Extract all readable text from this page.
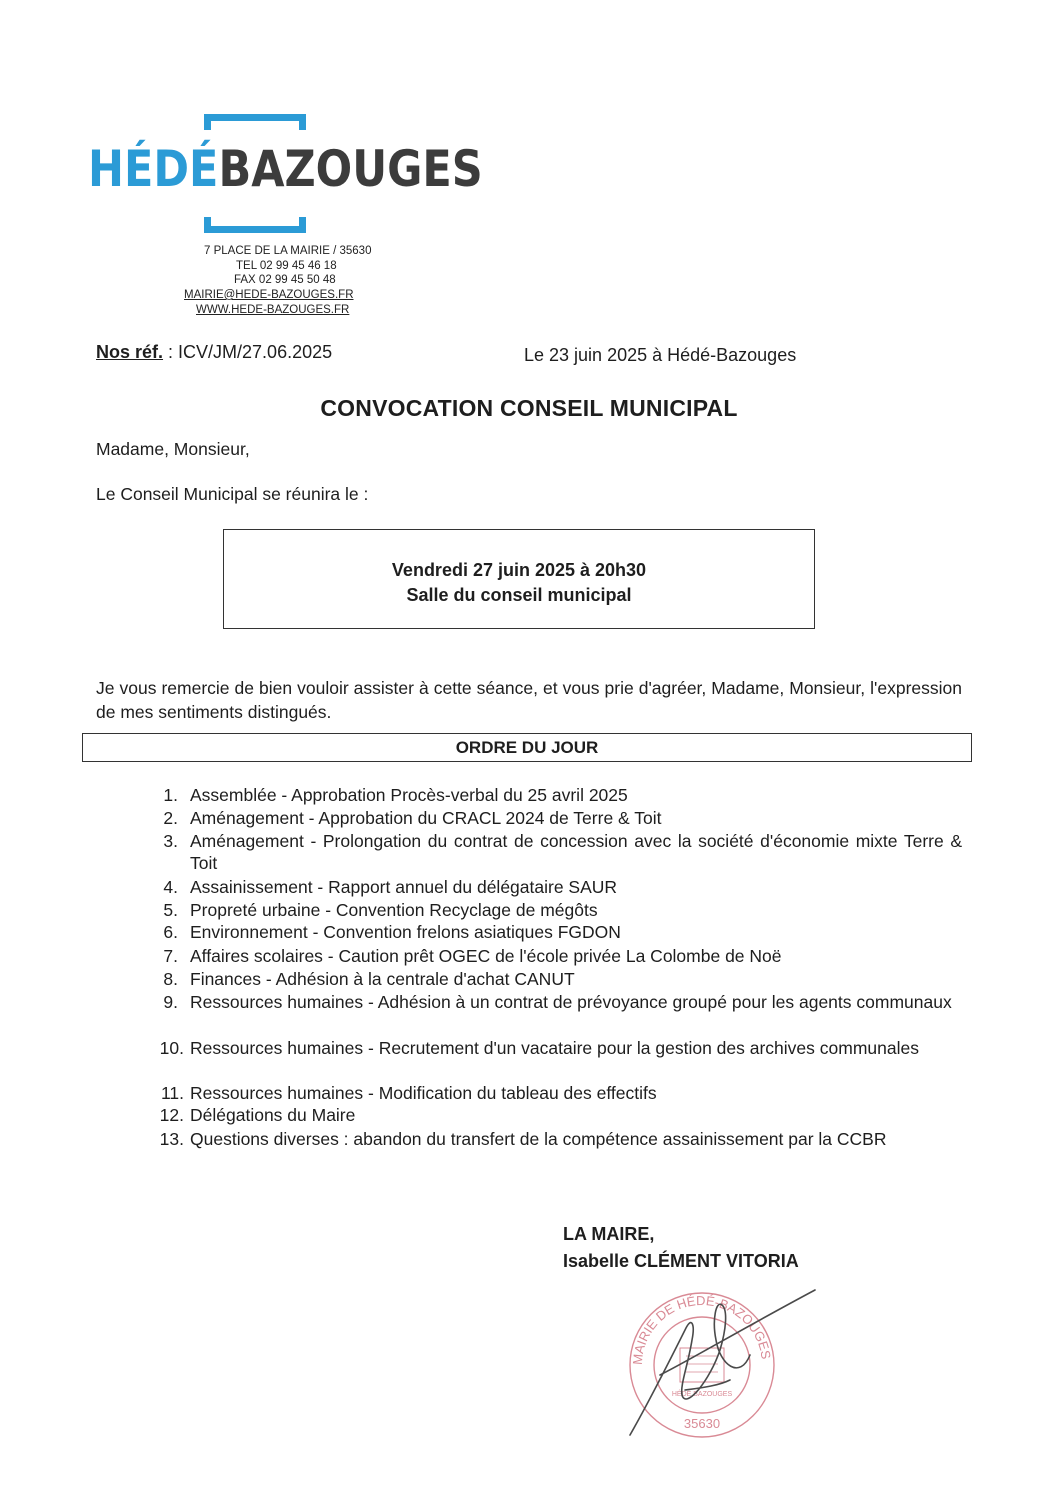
HÉDÉBAZOUGES
7 PLACE DE LA MAIRIE / 35630
TEL 02 99 45 46 18
FAX 02 99 45 50 48
MAIRIE@HEDE-BAZOUGES.FR
WWW.HEDE-BAZOUGES.FR
Nos réf. : ICV/JM/27.06.2025	Le 23 juin 2025 à Hédé-Bazouges
CONVOCATION CONSEIL MUNICIPAL
Madame, Monsieur,
Le Conseil Municipal se réunira le :
Vendredi 27 juin 2025 à 20h30
Salle du conseil municipal
Je vous remercie de bien vouloir assister à cette séance, et vous prie d'agréer, Madame, Monsieur, l'expression de mes sentiments distingués.
ORDRE DU JOUR
1. Assemblée - Approbation Procès-verbal du 25 avril 2025
2. Aménagement - Approbation du CRACL 2024 de Terre & Toit
3. Aménagement - Prolongation du contrat de concession avec la société d'économie mixte Terre & Toit
4. Assainissement - Rapport annuel du délégataire SAUR
5. Propreté urbaine - Convention Recyclage de mégôts
6. Environnement - Convention frelons asiatiques FGDON
7. Affaires scolaires - Caution prêt OGEC de l'école privée La Colombe de Noë
8. Finances - Adhésion à la centrale d'achat CANUT
9. Ressources humaines - Adhésion à un contrat de prévoyance groupé pour les agents communaux
10. Ressources humaines - Recrutement d'un vacataire pour la gestion des archives communales
11. Ressources humaines - Modification du tableau des effectifs
12. Délégations du Maire
13. Questions diverses : abandon du transfert de la compétence assainissement par la CCBR
LA MAIRE,
Isabelle CLÉMENT VITORIA
MAIRIE DE HÉDÉ-BAZOUGES
HÉDÉ BAZOUGES
35630
